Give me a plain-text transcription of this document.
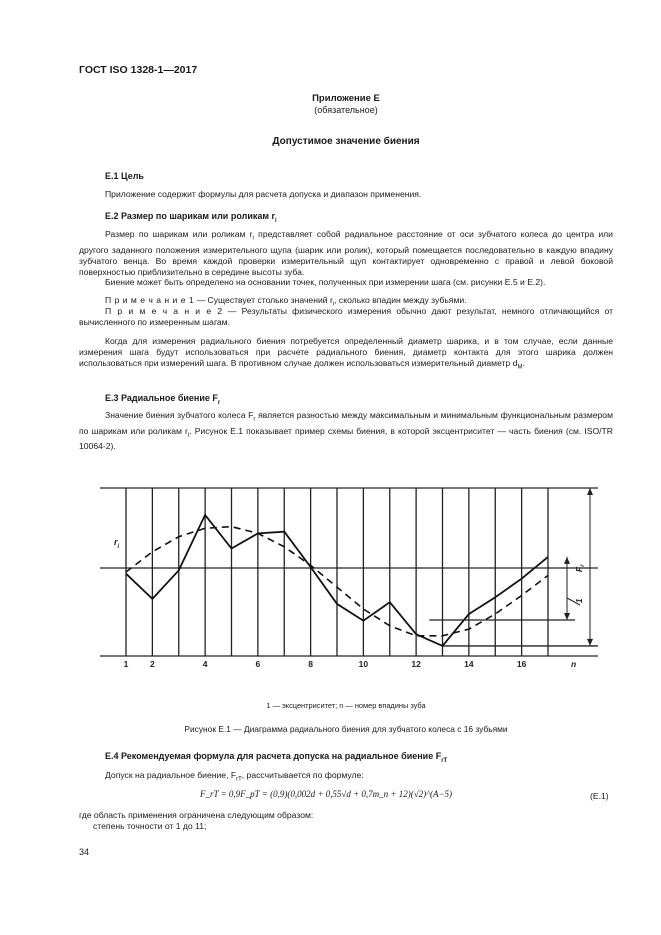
ГОСТ ISO 1328-1—2017
Приложение Е
(обязательное)
Допустимое значение биения
Е.1 Цель
Приложение содержит формулы для расчета допуска и диапазон применения.
Е.2 Размер по шарикам или роликам $r_i$
Размер по шарикам или роликам $r_i$ представляет собой радиальное расстояние от оси зубчатого колеса до центра или другого заданного положения измерительного щупа (шарик или ролик), который помещается последовательно в каждую впадину зубчатого венца. Во время каждой проверки измерительный щуп контактирует одновременно с правой и левой боковой поверхностью приблизительно в середине высоты зуба.
Биение может быть определено на основании точек, полученных при измерении шага (см. рисунки Е.5 и Е.2).
П р и м е ч а н и е 1 — Существует столько значений $r_i$, сколько впадин между зубьями.
П р и м е ч а н и е 2 — Результаты физического измерения обычно дают результат, немного отличающийся от вычисленного по измеренным шагам.
Когда для измерения радиального биения потребуется определенный диаметр шарика, и в том случае, если данные измерения шага будут использоваться при расчете радиального биения, диаметр контакта для этого шарика должен использоваться при измерений шага. В противном случае должен использоваться измерительный диаметр $d_M$.
Е.3 Радиальное биение $F_r$
Значение биения зубчатого колеса $F_r$ является разностью между максимальным и минимальным функциональным размером по шарикам или роликам $r_i$. Рисунок Е.1 показывает пример схемы биения, в которой эксцентриситет — часть биения (см. ISO/TR 10064-2).
1	2	4	6	8	10	12	14	16	n
$r_i$
$F_r$
1
1 — эксцентриситет; n — номер впадины зуба
Рисунок Е.1 — Диаграмма радиального биения для зубчатого колеса с 16 зубьями
Е.4 Рекомендуемая формула для расчета допуска на радиальное биение $F_{rT}$
Допуск на радиальное биение, $F_{rT}$, рассчитывается по формуле:
F_rT = 0,9F_pT = (0,9)(0,002d + 0,55√d + 0,7m_n + 12)(√2)^(A−5)	(Е.1)
где область применения ограничена следующим образом:
степень точности от 1 до 11;
34
